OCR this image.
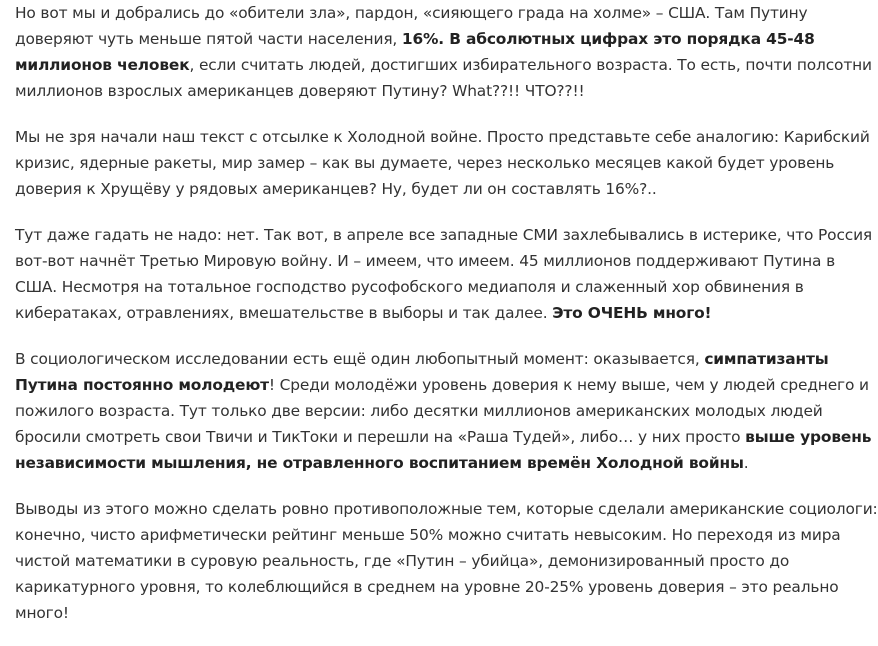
Но вот мы и добрались до «обители зла», пардон, «сияющего града на холме» – США. Там Путину доверяют чуть меньше пятой части населения, 16%. В абсолютных цифрах это порядка 45-48 миллионов человек, если считать людей, достигших избирательного возраста. То есть, почти полсотни миллионов взрослых американцев доверяют Путину? What??!! ЧТО??!!

Мы не зря начали наш текст с отсылке к Холодной войне. Просто представьте себе аналогию: Карибский кризис, ядерные ракеты, мир замер – как вы думаете, через несколько месяцев какой будет уровень доверия к Хрущёву у рядовых американцев? Ну, будет ли он составлять 16%?..

Тут даже гадать не надо: нет. Так вот, в апреле все западные СМИ захлебывались в истерике, что Россия вот-вот начнёт Третью Мировую войну. И – имеем, что имеем. 45 миллионов поддерживают Путина в США. Несмотря на тотальное господство русофобского медиаполя и слаженный хор обвинения в кибератаках, отравлениях, вмешательстве в выборы и так далее. Это ОЧЕНЬ много!

В социологическом исследовании есть ещё один любопытный момент: оказывается, симпатизанты Путина постоянно молодеют! Среди молодёжи уровень доверия к нему выше, чем у людей среднего и пожилого возраста. Тут только две версии: либо десятки миллионов американских молодых людей бросили смотреть свои Твичи и ТикТоки и перешли на «Раша Тудей», либо… у них просто выше уровень независимости мышления, не отравленного воспитанием времён Холодной войны.

Выводы из этого можно сделать ровно противоположные тем, которые сделали американские социологи: конечно, чисто арифметически рейтинг меньше 50% можно считать невысоким. Но переходя из мира чистой математики в суровую реальность, где «Путин – убийца», демонизированный просто до карикатурного уровня, то колеблющийся в среднем на уровне 20-25% уровень доверия – это реально много!
